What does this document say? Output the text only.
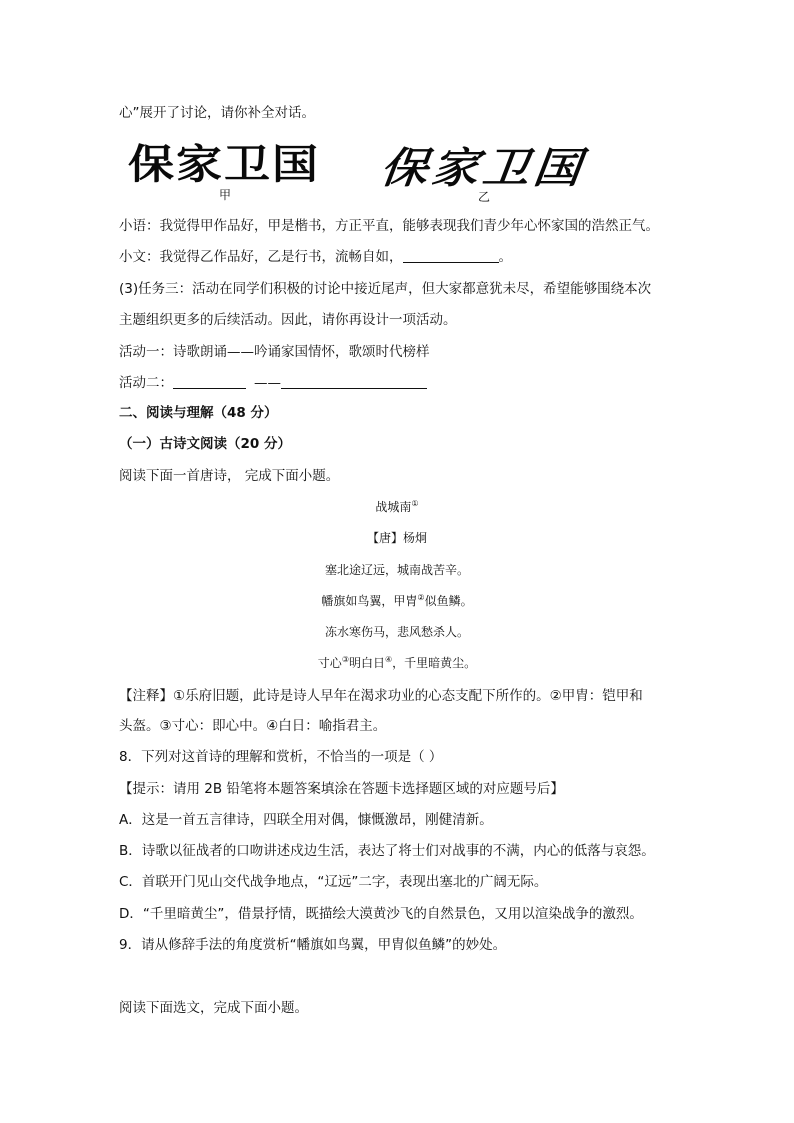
心”展开了讨论，请你补全对话。
保家卫国 保家卫国
甲	乙
小语：我觉得甲作品好，甲是楷书，方正平直，能够表现我们青少年心怀家国的浩然正气。
小文：我觉得乙作品好，乙是行书，流畅自如，	。
(3)任务三：活动在同学们积极的讨论中接近尾声，但大家都意犹未尽，希望能够围绕本次
主题组织更多的后续活动。因此，请你再设计一项活动。
活动一：诗歌朗诵——吟诵家国情怀，歌颂时代榜样
活动二：	——
二、阅读与理解（48 分）
（一）古诗文阅读（20 分）
阅读下面一首唐诗， 完成下面小题。
战城南①
【唐】杨炯
塞北途辽远，城南战苦辛。
幡旗如鸟翼，甲胄②似鱼鳞。
冻水寒伤马，悲风愁杀人。
寸心③明白日④，千里暗黄尘。
【注释】①乐府旧题，此诗是诗人早年在渴求功业的心态支配下所作的。②甲胄：铠甲和
头盔。③寸心：即心中。④白日：喻指君主。
8．下列对这首诗的理解和赏析，不恰当的一项是（ ）
【提示：请用 2B 铅笔将本题答案填涂在答题卡选择题区域的对应题号后】
A．这是一首五言律诗，四联全用对偶，慷慨激昂，刚健清新。
B．诗歌以征战者的口吻讲述戍边生活，表达了将士们对战事的不满，内心的低落与哀怨。
C．首联开门见山交代战争地点，“辽远”二字，表现出塞北的广阔无际。
D．“千里暗黄尘”，借景抒情，既描绘大漠黄沙飞的自然景色，又用以渲染战争的激烈。
9．请从修辞手法的角度赏析“幡旗如鸟翼，甲胄似鱼鳞”的妙处。
阅读下面选文，完成下面小题。
